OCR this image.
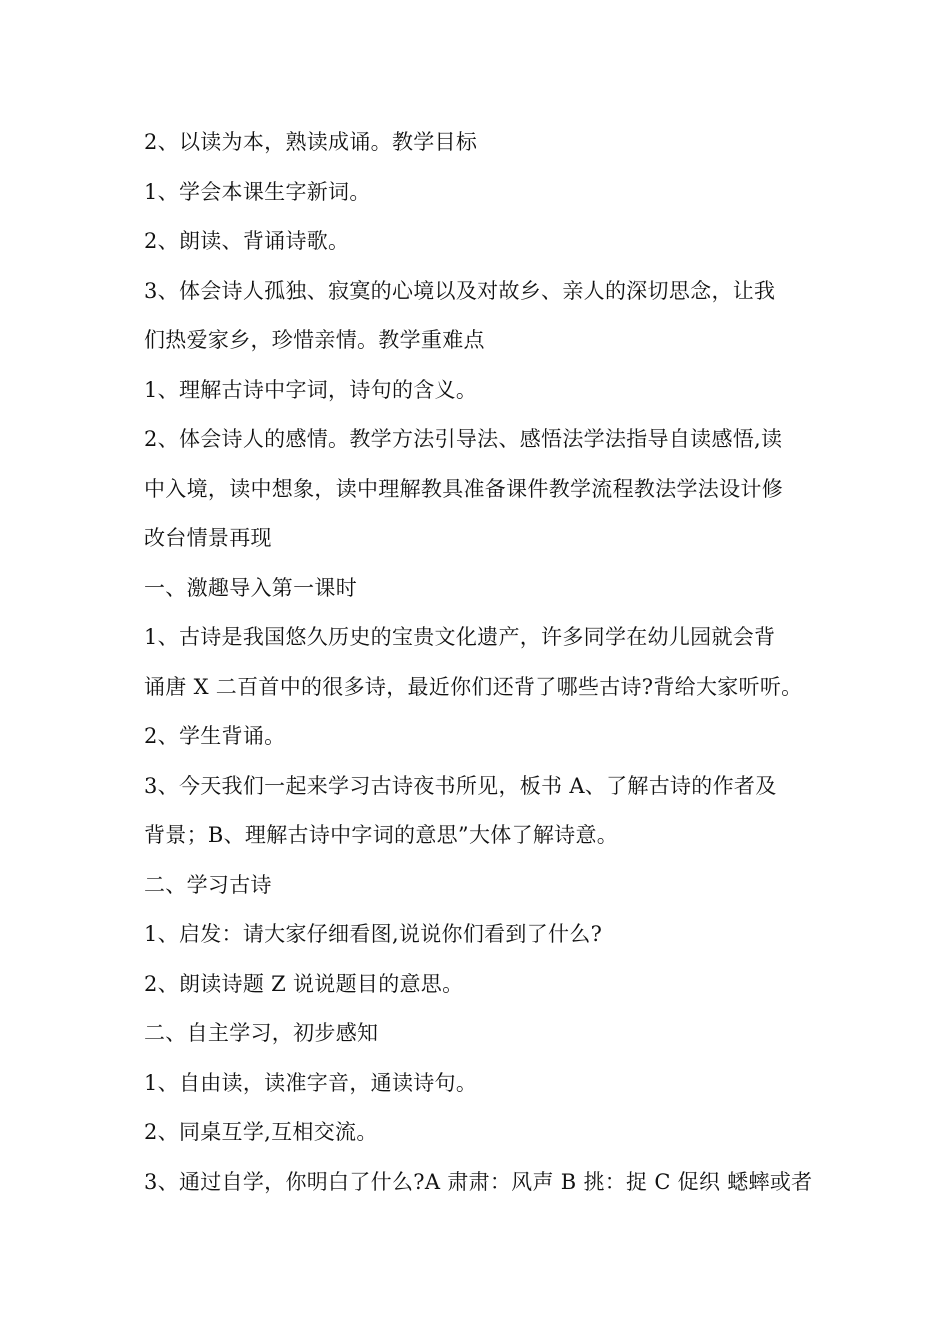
2、以读为本，熟读成诵。教学目标
1、学会本课生字新词。
2、朗读、背诵诗歌。
3、体会诗人孤独、寂寞的心境以及对故乡、亲人的深切思念，让我
们热爱家乡，珍惜亲情。教学重难点
1、理解古诗中字词，诗句的含义。
2、体会诗人的感情。教学方法引导法、感悟法学法指导自读感悟,读
中入境，读中想象，读中理解教具准备课件教学流程教法学法设计修
改台情景再现
一、激趣导入第一课时
1、古诗是我国悠久历史的宝贵文化遗产，许多同学在幼儿园就会背
诵唐 X 二百首中的很多诗，最近你们还背了哪些古诗?背给大家听听。
2、学生背诵。
3、今天我们一起来学习古诗夜书所见，板书 A、了解古诗的作者及
背景；B、理解古诗中字词的意思”大体了解诗意。
二、学习古诗
1、启发：请大家仔细看图,说说你们看到了什么?
2、朗读诗题 Z 说说题目的意思。
二、自主学习，初步感知
1、自由读，读准字音，通读诗句。
2、同桌互学,互相交流。
3、通过自学，你明白了什么?A 肃肃：风声 B 挑：捉 C 促织 蟋蟀或者
